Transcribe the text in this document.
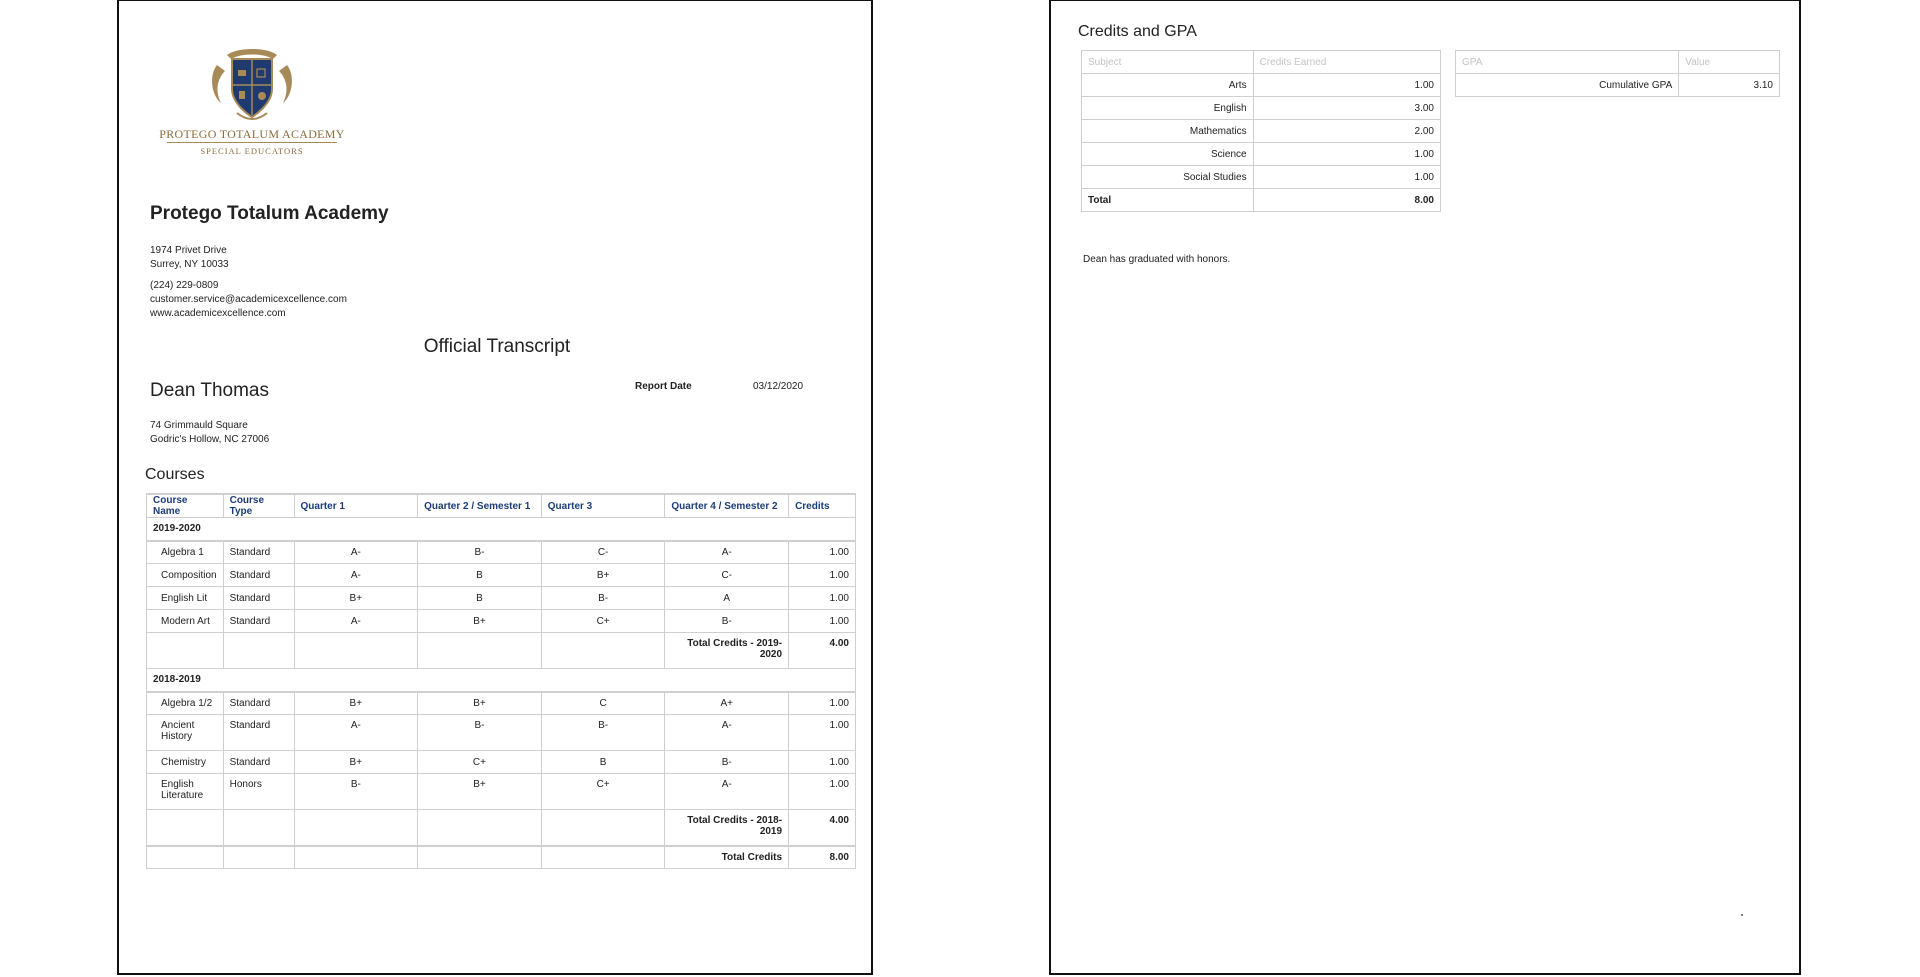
PROTEGO TOTALUM ACADEMY
SPECIAL EDUCATORS
Protego Totalum Academy
1974 Privet Drive
Surrey, NY 10033
(224) 229-0809
customer.service@academicexcellence.com
www.academicexcellence.com
Official Transcript
Dean Thomas	Report Date	03/12/2020
74 Grimmauld Square
Godric's Hollow, NC 27006
Courses
Course Name	Course Type	Quarter 1	Quarter 2 / Semester 1	Quarter 3	Quarter 4 / Semester 2	Credits
2019-2020						
Algebra 1	Standard	A-	B-	C-	A-	1.00
Composition	Standard	A-	B	B+	C-	1.00
English Lit	Standard	B+	B	B-	A	1.00
Modern Art	Standard	A-	B+	C+	B-	1.00
					Total Credits - 2019-2020	4.00
2018-2019						
Algebra 1/2	Standard	B+	B+	C	A+	1.00
Ancient History	Standard	A-	B-	B-	A-	1.00
Chemistry	Standard	B+	C+	B	B-	1.00
English Literature	Honors	B-	B+	C+	A-	1.00
					Total Credits - 2018-2019	4.00
					Total Credits	8.00
Credits and GPA
Subject	Credits Earned
Arts	1.00
English	3.00
Mathematics	2.00
Science	1.00
Social Studies	1.00
Total	8.00
GPA	Value
Cumulative GPA	3.10
Dean has graduated with honors.
